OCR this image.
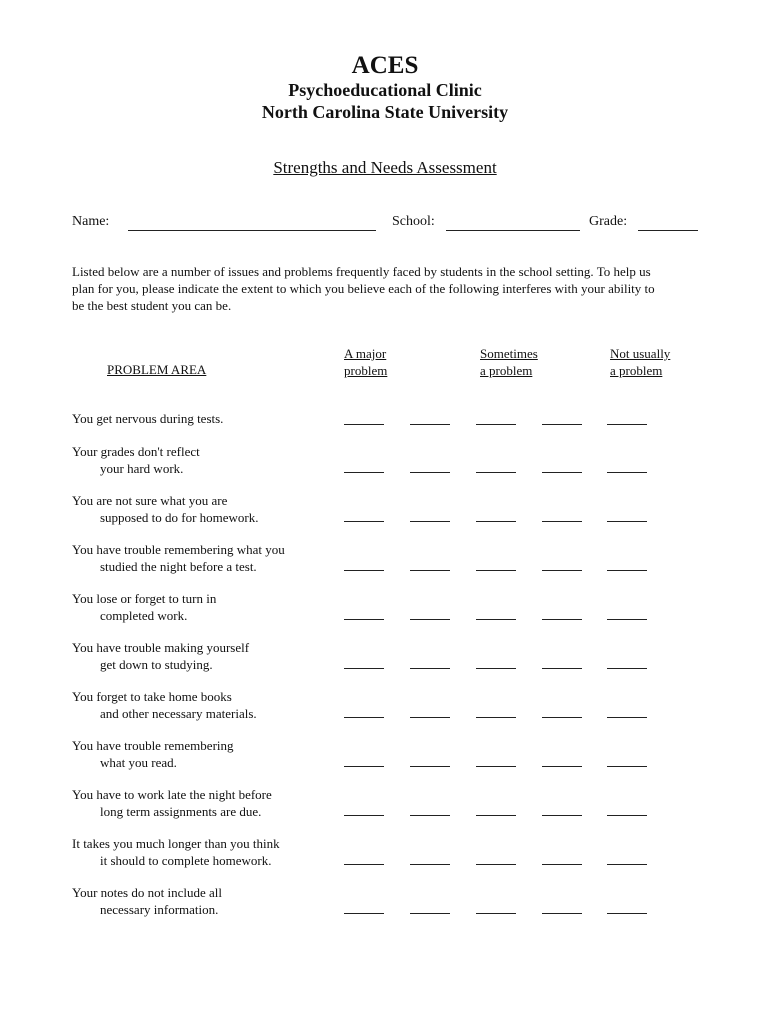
ACES
Psychoeducational Clinic
North Carolina State University
Strengths and Needs Assessment
Name:	School:	Grade:
Listed below are a number of issues and problems frequently faced by students in the school setting. To help us
plan for you, please indicate the extent to which you believe each of the following interferes with your ability to
be the best student you can be.
PROBLEM AREA
A major
problem
Sometimes
a problem
Not usually
a problem
You get nervous during tests.
Your grades don't reflect
your hard work.
You are not sure what you are
supposed to do for homework.
You have trouble remembering what you
studied the night before a test.
You lose or forget to turn in
completed work.
You have trouble making yourself
get down to studying.
You forget to take home books
and other necessary materials.
You have trouble remembering
what you read.
You have to work late the night before
long term assignments are due.
It takes you much longer than you think
it should to complete homework.
Your notes do not include all
necessary information.
